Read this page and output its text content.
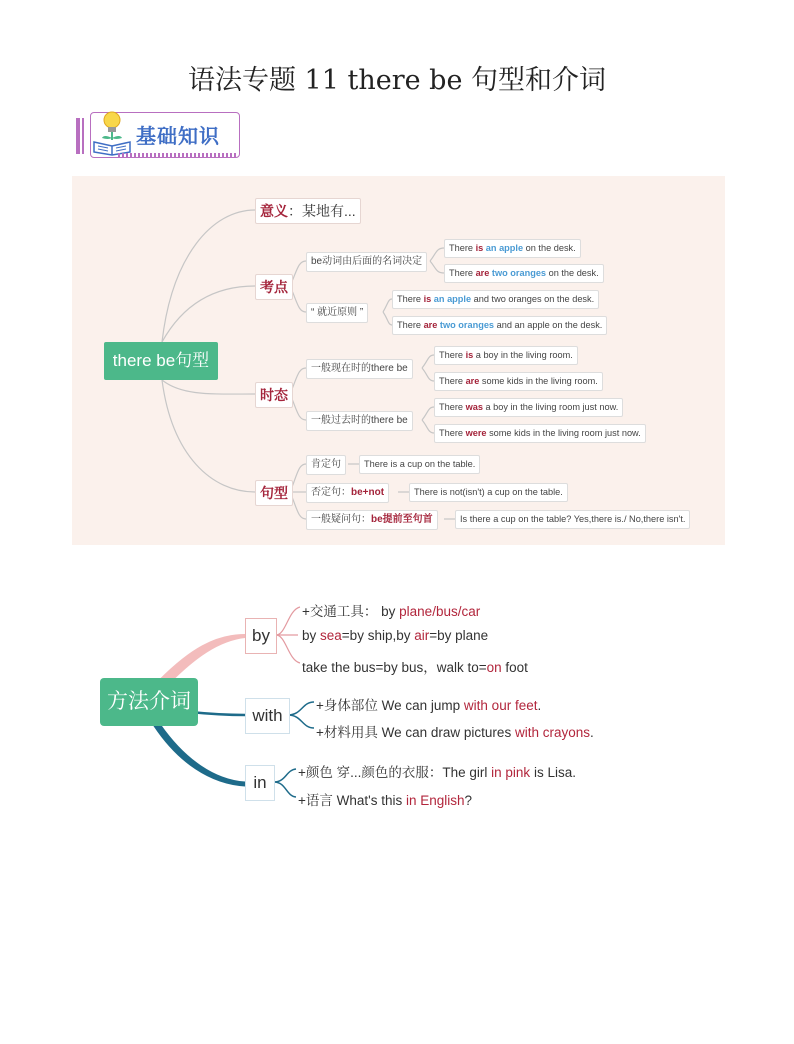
语法专题 11 there be 句型和介词
基础知识
there be句型
意义：某地有...
考点
be动词由后面的名词决定
There is an apple on the desk.
There are two oranges on the desk.
“ 就近原则 ”
There is an apple and two oranges on the desk.
There are two oranges and an apple on the desk.
时态
一般现在时的there be
There is a boy in the living room.
There are some kids in the living room.
一般过去时的there be
There was a boy in the living room just now.
There were some kids in the living room just now.
句型
肯定句	There is a cup on the table.
否定句：be+not	There is not(isn't) a cup on the table.
一般疑问句：be提前至句首	Is there a cup on the table? Yes,there is./ No,there isn't.
方法介词
by
+交通工具： by plane/bus/car
by sea=by ship,by air=by plane
take the bus=by bus，walk to=on foot
with
+身体部位 We can jump with our feet.
+材料用具 We can draw pictures with crayons.
in
+颜色 穿...颜色的衣服：The girl in pink is Lisa.
+语言 What's this in English?
